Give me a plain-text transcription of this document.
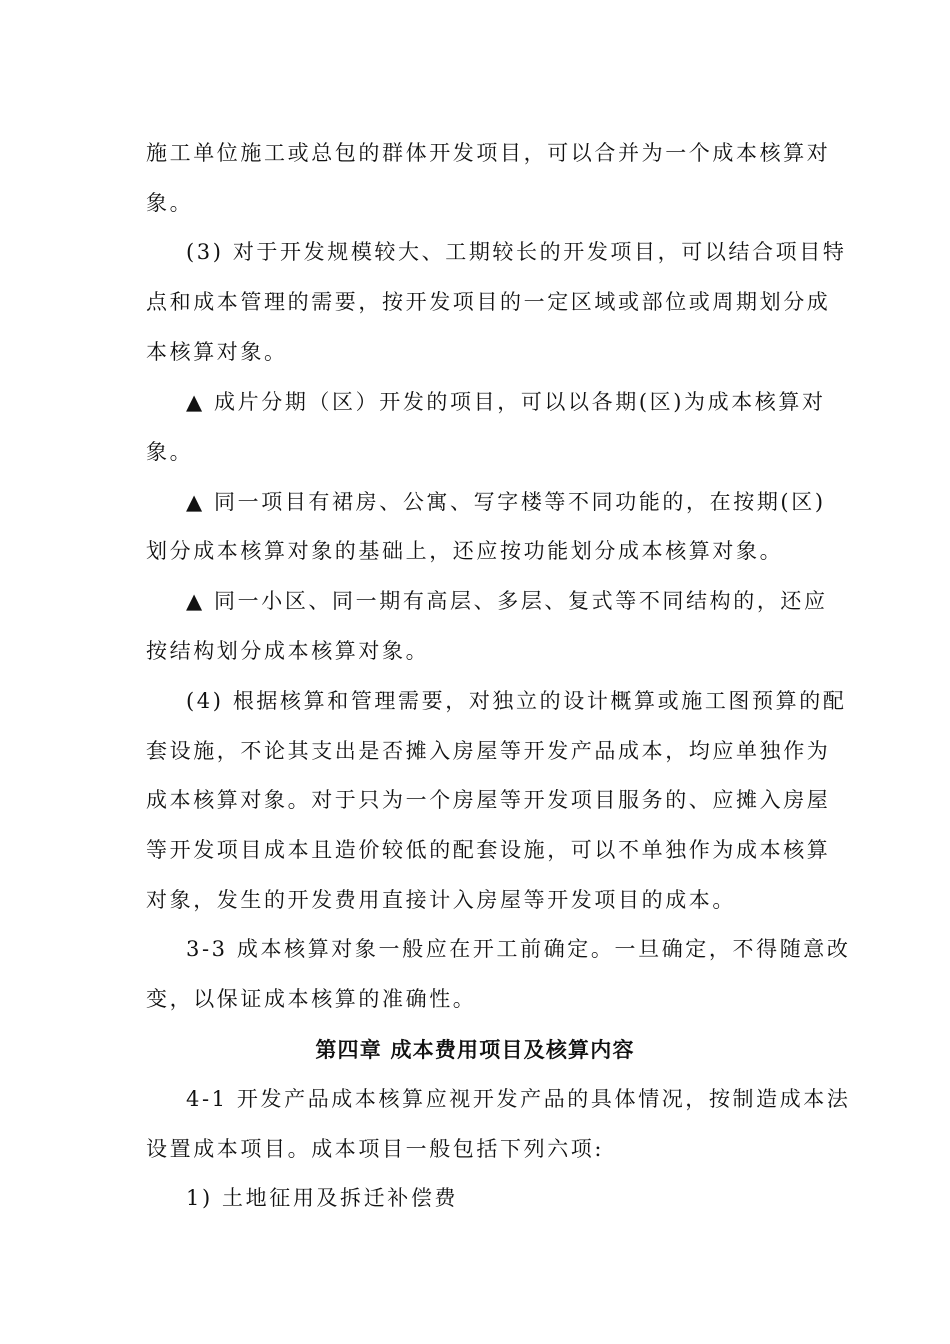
施工单位施工或总包的群体开发项目，可以合并为一个成本核算对
象。
(3) 对于开发规模较大、工期较长的开发项目，可以结合项目特
点和成本管理的需要，按开发项目的一定区域或部位或周期划分成
本核算对象。
▲ 成片分期（区）开发的项目，可以以各期(区)为成本核算对
象。
▲ 同一项目有裙房、公寓、写字楼等不同功能的，在按期(区)
划分成本核算对象的基础上，还应按功能划分成本核算对象。
▲ 同一小区、同一期有高层、多层、复式等不同结构的，还应
按结构划分成本核算对象。
(4) 根据核算和管理需要，对独立的设计概算或施工图预算的配
套设施，不论其支出是否摊入房屋等开发产品成本，均应单独作为
成本核算对象。对于只为一个房屋等开发项目服务的、应摊入房屋
等开发项目成本且造价较低的配套设施，可以不单独作为成本核算
对象，发生的开发费用直接计入房屋等开发项目的成本。
3-3 成本核算对象一般应在开工前确定。一旦确定，不得随意改
变，以保证成本核算的准确性。
第四章 成本费用项目及核算内容
4-1 开发产品成本核算应视开发产品的具体情况，按制造成本法
设置成本项目。成本项目一般包括下列六项:
1) 土地征用及拆迁补偿费
